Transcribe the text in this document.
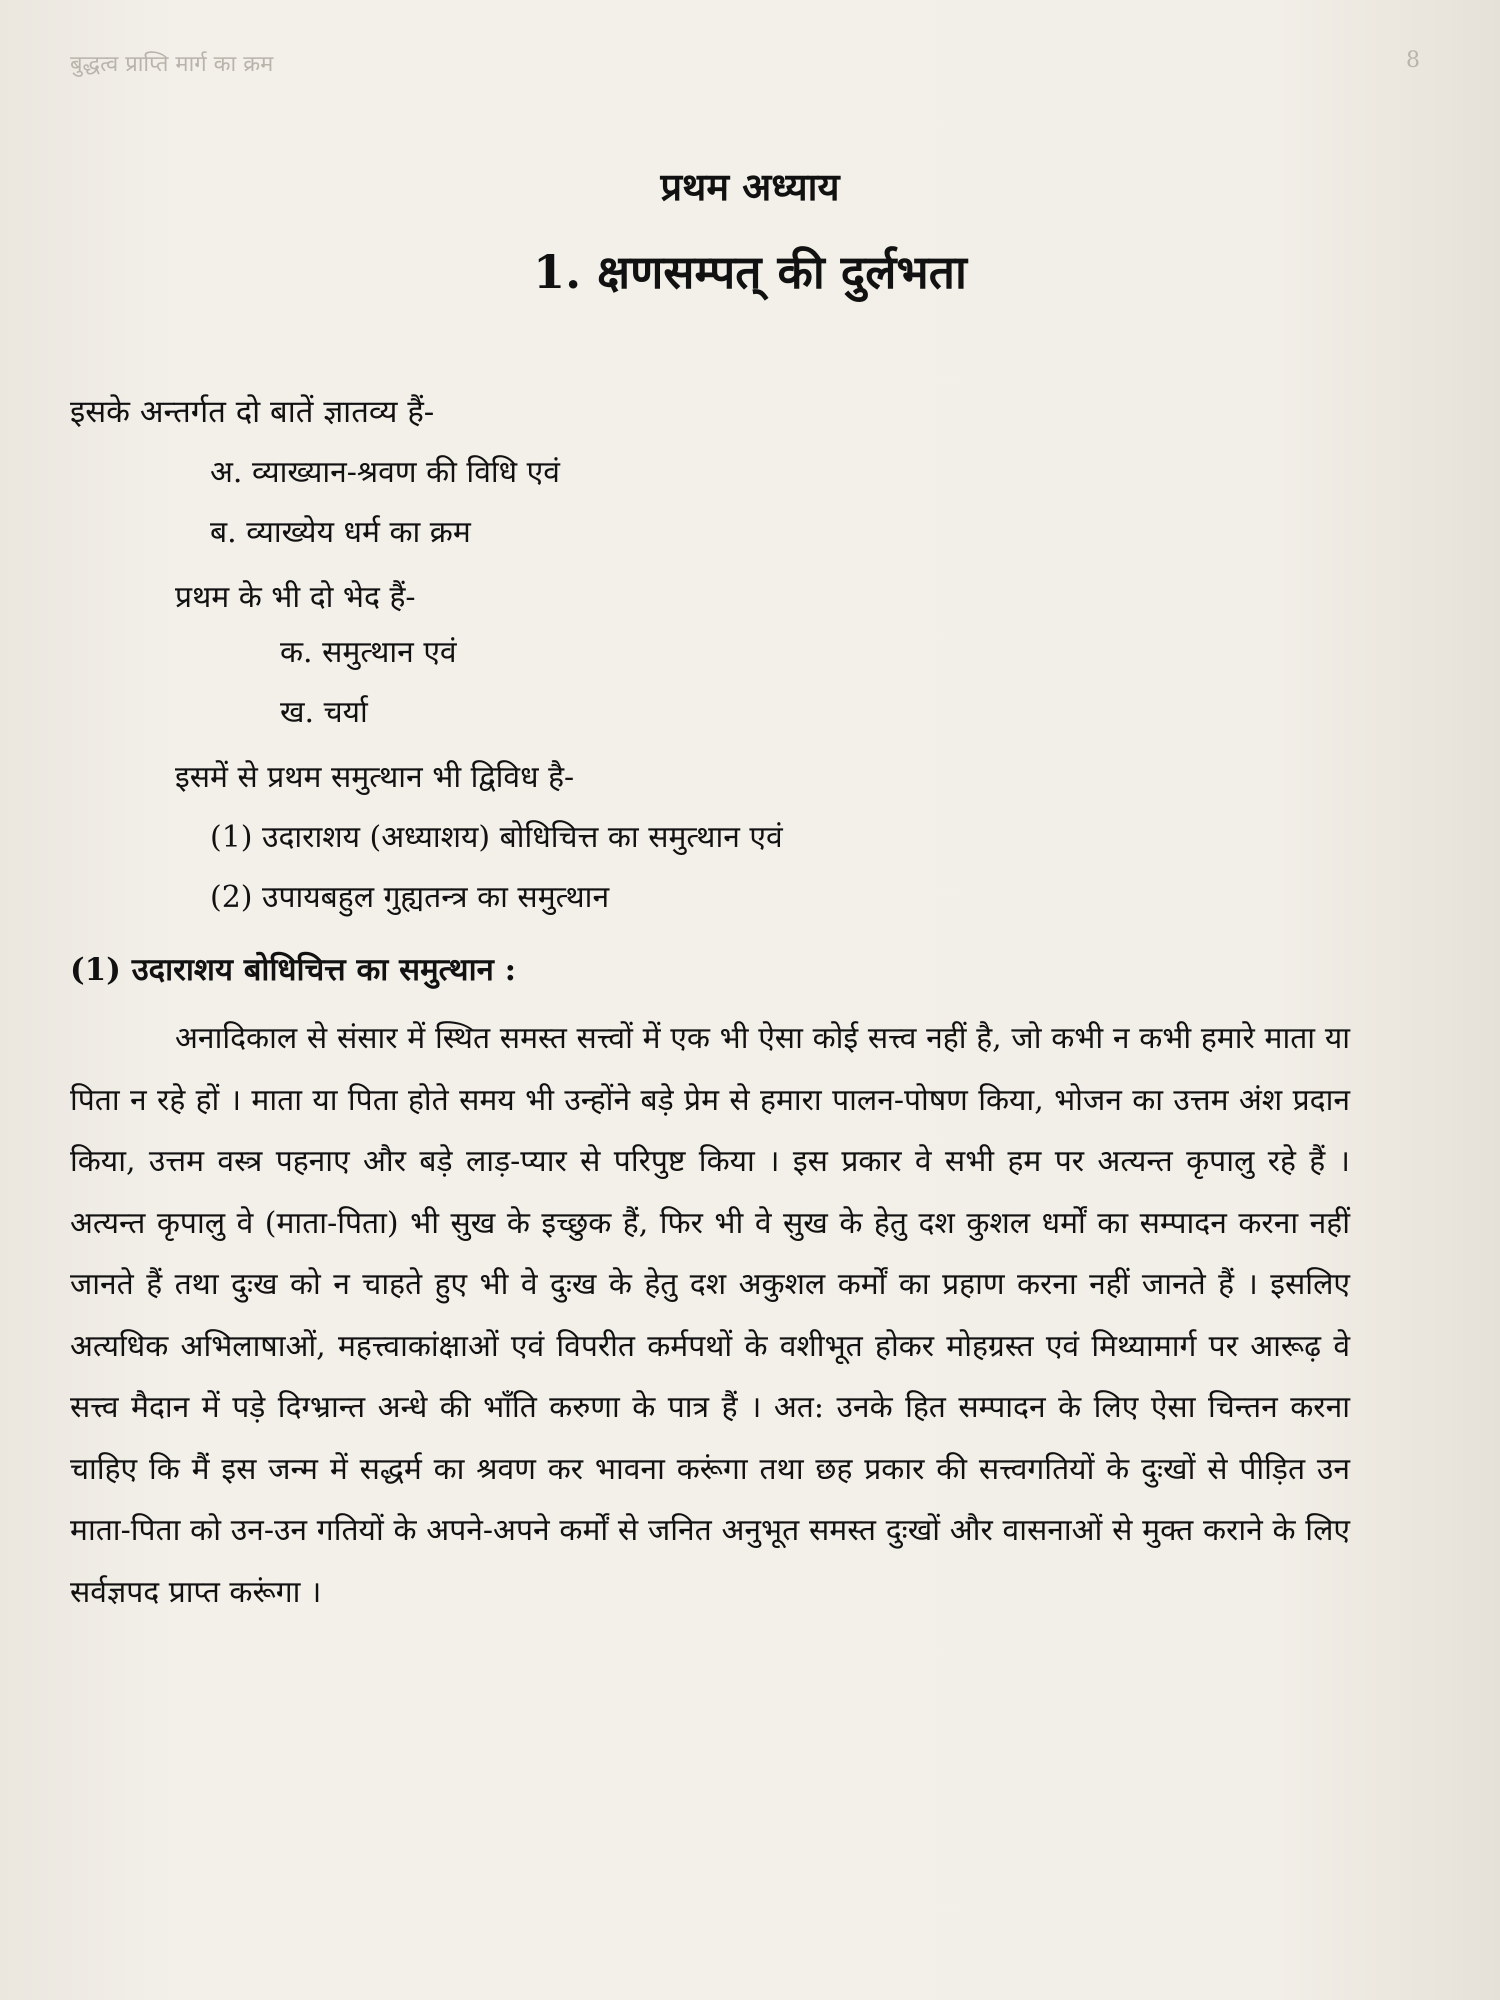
बुद्धत्व प्राप्ति मार्ग का क्रम	8
प्रथम अध्याय
1. क्षणसम्पत् की दुर्लभता
इसके अन्तर्गत दो बातें ज्ञातव्य हैं-
अ. व्याख्यान-श्रवण की विधि एवं
ब. व्याख्येय धर्म का क्रम
प्रथम के भी दो भेद हैं-
क. समुत्थान एवं
ख. चर्या
इसमें से प्रथम समुत्थान भी द्विविध है-
(1) उदाराशय (अध्याशय) बोधिचित्त का समुत्थान एवं
(2) उपायबहुल गुह्यतन्त्र का समुत्थान
(1) उदाराशय बोधिचित्त का समुत्थान :
अनादिकाल से संसार में स्थित समस्त सत्त्वों में एक भी ऐसा कोई सत्त्व नहीं है, जो कभी न कभी हमारे माता या पिता न रहे हों । माता या पिता होते समय भी उन्होंने बड़े प्रेम से हमारा पालन-पोषण किया, भोजन का उत्तम अंश प्रदान किया, उत्तम वस्त्र पहनाए और बड़े लाड़-प्यार से परिपुष्ट किया । इस प्रकार वे सभी हम पर अत्यन्त कृपालु रहे हैं । अत्यन्त कृपालु वे (माता-पिता) भी सुख के इच्छुक हैं, फिर भी वे सुख के हेतु दश कुशल धर्मों का सम्पादन करना नहीं जानते हैं तथा दुःख को न चाहते हुए भी वे दुःख के हेतु दश अकुशल कर्मों का प्रहाण करना नहीं जानते हैं । इसलिए अत्यधिक अभिलाषाओं, महत्त्वाकांक्षाओं एवं विपरीत कर्मपथों के वशीभूत होकर मोहग्रस्त एवं मिथ्यामार्ग पर आरूढ़ वे सत्त्व मैदान में पड़े दिग्भ्रान्त अन्धे की भाँति करुणा के पात्र हैं । अत: उनके हित सम्पादन के लिए ऐसा चिन्तन करना चाहिए कि मैं इस जन्म में सद्धर्म का श्रवण कर भावना करूंगा तथा छह प्रकार की सत्त्वगतियों के दुःखों से पीड़ित उन माता-पिता को उन-उन गतियों के अपने-अपने कर्मों से जनित अनुभूत समस्त दुःखों और वासनाओं से मुक्त कराने के लिए सर्वज्ञपद प्राप्त करूंगा ।
